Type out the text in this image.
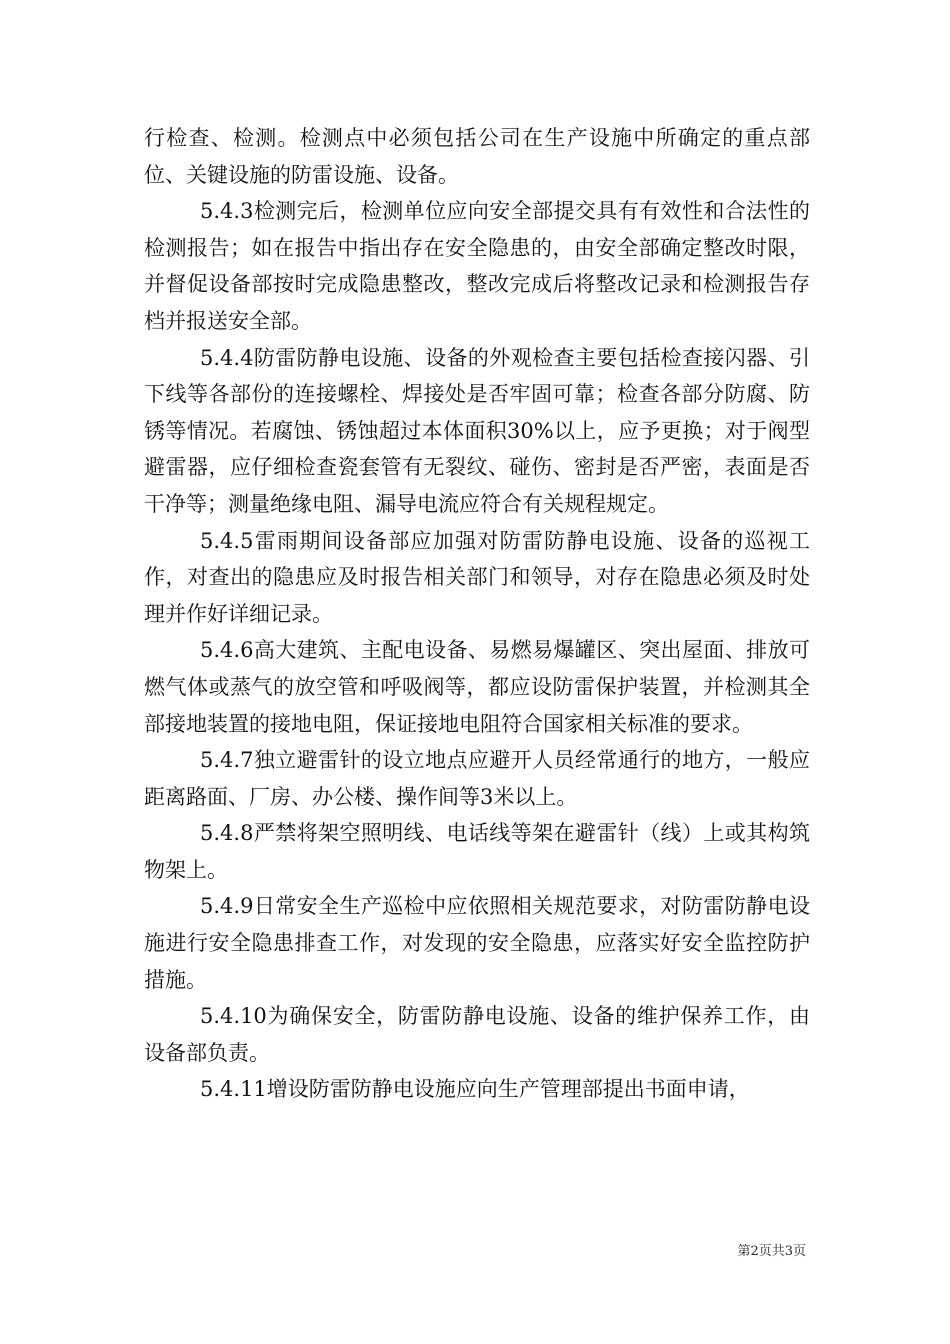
行检查、检测。检测点中必须包括公司在生产设施中所确定的重点部位、关键设施的防雷设施、设备。

5.4.3检测完后，检测单位应向安全部提交具有有效性和合法性的检测报告；如在报告中指出存在安全隐患的，由安全部确定整改时限，并督促设备部按时完成隐患整改，整改完成后将整改记录和检测报告存档并报送安全部。

5.4.4防雷防静电设施、设备的外观检查主要包括检查接闪器、引下线等各部份的连接螺栓、焊接处是否牢固可靠；检查各部分防腐、防锈等情况。若腐蚀、锈蚀超过本体面积30%以上，应予更换；对于阀型避雷器，应仔细检查瓷套管有无裂纹、碰伤、密封是否严密，表面是否干净等；测量绝缘电阻、漏导电流应符合有关规程规定。

5.4.5雷雨期间设备部应加强对防雷防静电设施、设备的巡视工作，对查出的隐患应及时报告相关部门和领导，对存在隐患必须及时处理并作好详细记录。

5.4.6高大建筑、主配电设备、易燃易爆罐区、突出屋面、排放可燃气体或蒸气的放空管和呼吸阀等，都应设防雷保护装置，并检测其全部接地装置的接地电阻，保证接地电阻符合国家相关标准的要求。

5.4.7独立避雷针的设立地点应避开人员经常通行的地方，一般应距离路面、厂房、办公楼、操作间等3米以上。

5.4.8严禁将架空照明线、电话线等架在避雷针（线）上或其构筑物架上。

5.4.9日常安全生产巡检中应依照相关规范要求，对防雷防静电设施进行安全隐患排查工作，对发现的安全隐患，应落实好安全监控防护措施。

5.4.10为确保安全，防雷防静电设施、设备的维护保养工作，由设备部负责。

5.4.11增设防雷防静电设施应向生产管理部提出书面申请，

第2页共3页
